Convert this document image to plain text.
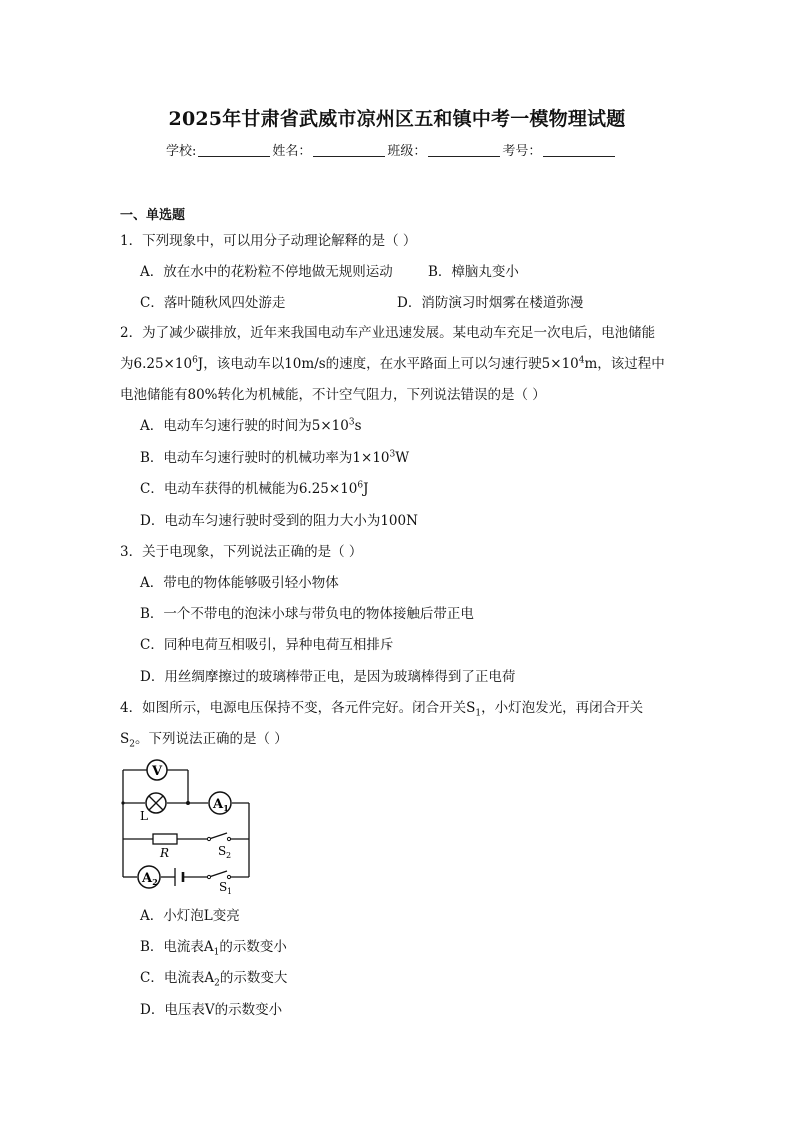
2025年甘肃省武威市凉州区五和镇中考一模物理试题
学校:	姓名：	班级：	考号：
一、单选题
1．下列现象中，可以用分子动理论解释的是（ ）
A．放在水中的花粉粒不停地做无规则运动	B．樟脑丸变小
C．落叶随秋风四处游走	D．消防演习时烟雾在楼道弥漫
2．为了减少碳排放，近年来我国电动车产业迅速发展。某电动车充足一次电后，电池储能
为$6.25\times 10^6J$，该电动车以10m/s的速度，在水平路面上可以匀速行驶$5\times 10^4m$，该过程中
电池储能有80%转化为机械能，不计空气阻力，下列说法错误的是（ ）
A．电动车匀速行驶的时间为$5\times 10^3s$
B．电动车匀速行驶时的机械功率为$1\times 10^3W$
C．电动车获得的机械能为$6.25\times 10^6J$
D．电动车匀速行驶时受到的阻力大小为100N
3．关于电现象，下列说法正确的是（ ）
A．带电的物体能够吸引轻小物体
B．一个不带电的泡沫小球与带负电的物体接触后带正电
C．同种电荷互相吸引，异种电荷互相排斥
D．用丝绸摩擦过的玻璃棒带正电，是因为玻璃棒得到了正电荷
4．如图所示，电源电压保持不变，各元件完好。闭合开关$S_1$，小灯泡发光，再闭合开关
$S_2$。下列说法正确的是（ ）
V
L
A 1
R	S 2
A 2	S 1
A．小灯泡L变亮
B．电流表$A_1$的示数变小
C．电流表$A_2$的示数变大
D．电压表V的示数变小
